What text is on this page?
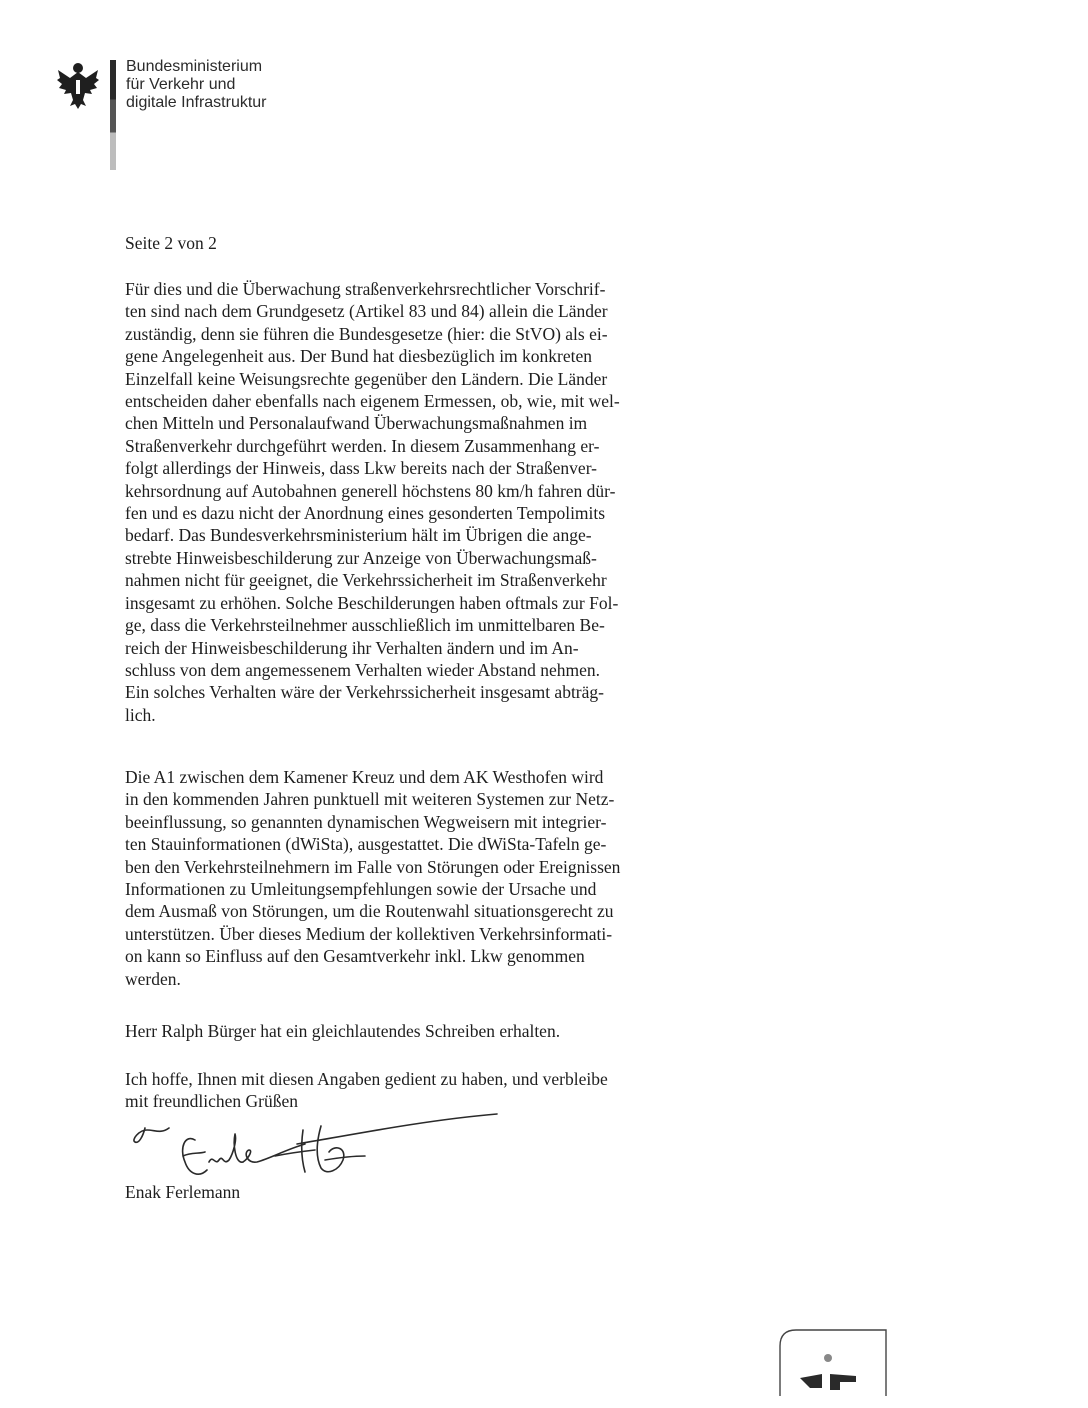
Bundesministerium
für Verkehr und
digitale Infrastruktur

Seite 2 von 2

Für dies und die Überwachung straßenverkehrsrechtlicher Vorschrif-

ten sind nach dem Grundgesetz (Artikel 83 und 84) allein die Länder

zuständig, denn sie führen die Bundesgesetze (hier: die StVO) als ei-

gene Angelegenheit aus. Der Bund hat diesbezüglich im konkreten

Einzelfall keine Weisungsrechte gegenüber den Ländern. Die Länder

entscheiden daher ebenfalls nach eigenem Ermessen, ob, wie, mit wel-

chen Mitteln und Personalaufwand Überwachungsmaßnahmen im

Straßenverkehr durchgeführt werden. In diesem Zusammenhang er-

folgt allerdings der Hinweis, dass Lkw bereits nach der Straßenver-

kehrsordnung auf Autobahnen generell höchstens 80 km/h fahren dür-

fen und es dazu nicht der Anordnung eines gesonderten Tempolimits

bedarf. Das Bundesverkehrsministerium hält im Übrigen die ange-

strebte Hinweisbeschilderung zur Anzeige von Überwachungsmaß-

nahmen nicht für geeignet, die Verkehrssicherheit im Straßenverkehr

insgesamt zu erhöhen. Solche Beschilderungen haben oftmals zur Fol-

ge, dass die Verkehrsteilnehmer ausschließlich im unmittelbaren Be-

reich der Hinweisbeschilderung ihr Verhalten ändern und im An-

schluss von dem angemessenem Verhalten wieder Abstand nehmen.

Ein solches Verhalten wäre der Verkehrssicherheit insgesamt abträg-

lich.

Die A1 zwischen dem Kamener Kreuz und dem AK Westhofen wird

in den kommenden Jahren punktuell mit weiteren Systemen zur Netz-

beeinflussung, so genannten dynamischen Wegweisern mit integrier-

ten Stauinformationen (dWiSta), ausgestattet. Die dWiSta-Tafeln ge-

ben den Verkehrsteilnehmern im Falle von Störungen oder Ereignissen

Informationen zu Umleitungsempfehlungen sowie der Ursache und

dem Ausmaß von Störungen, um die Routenwahl situationsgerecht zu

unterstützen. Über dieses Medium der kollektiven Verkehrsinformati-

on kann so Einfluss auf den Gesamtverkehr inkl. Lkw genommen

werden.

Herr Ralph Bürger hat ein gleichlautendes Schreiben erhalten.

Ich hoffe, Ihnen mit diesen Angaben gedient zu haben, und verbleibe

mit freundlichen Grüßen

Enak Ferlemann
